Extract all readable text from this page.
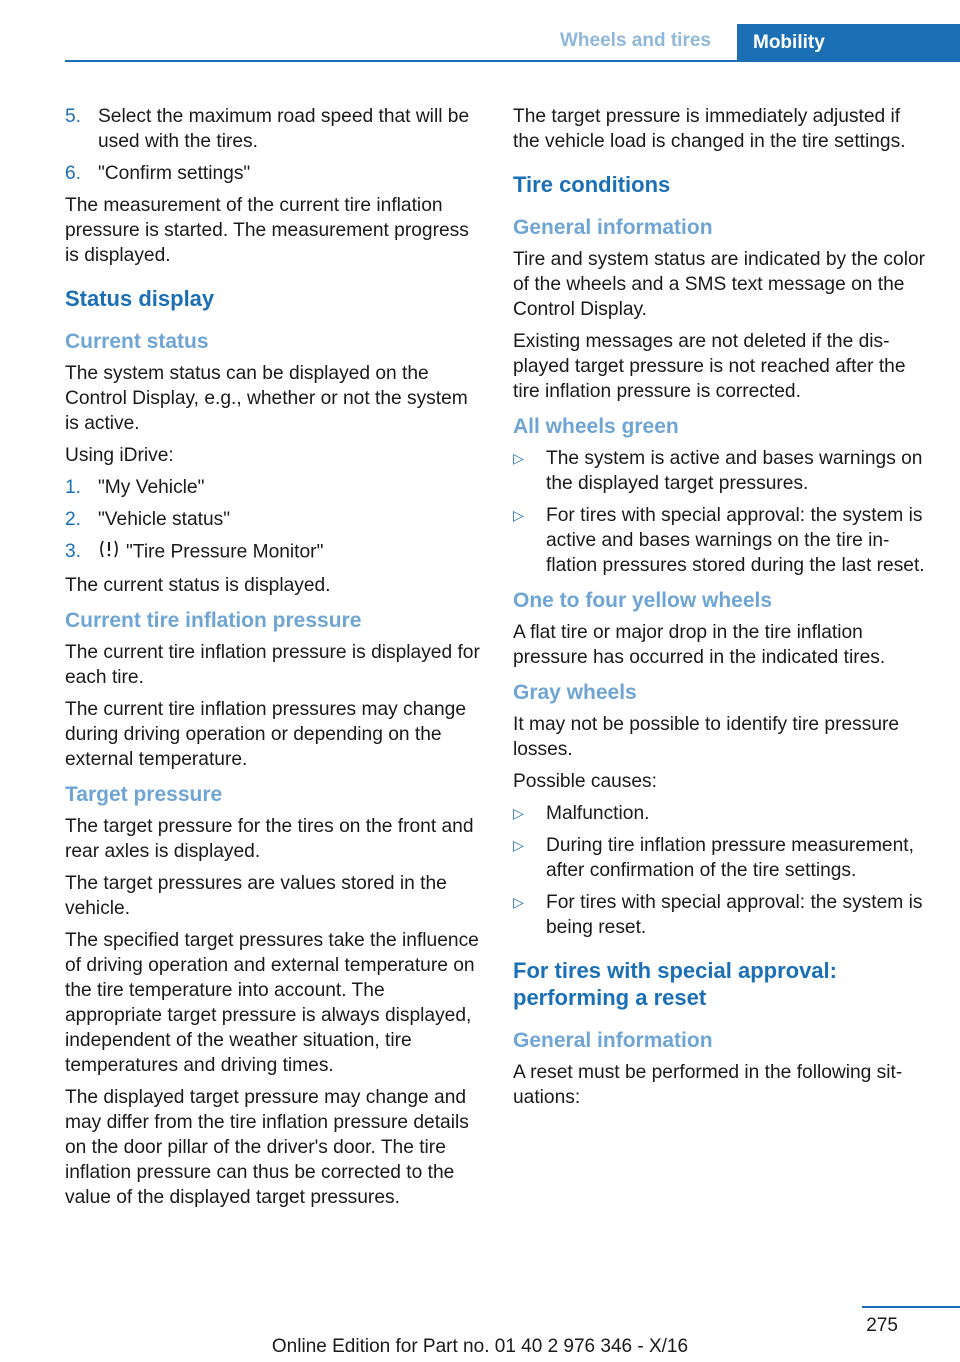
Wheels and tires	Mobility
5. Select the maximum road speed that will be used with the tires.
6. "Confirm settings"

The measurement of the current tire inflation pressure is started. The measurement progress is displayed.

Status display
Current status

The system status can be displayed on the Control Display, e.g., whether or not the system is active.

Using iDrive:

1. "My Vehicle"
2. "Vehicle status"
3. "Tire Pressure Monitor"

The current status is displayed.

Current tire inflation pressure

The current tire inflation pressure is displayed for each tire.

The current tire inflation pressures may change during driving operation or depending on the external temperature.

Target pressure

The target pressure for the tires on the front and rear axles is displayed.

The target pressures are values stored in the vehicle.

The specified target pressures take the influence of driving operation and external temperature on the tire temperature into account. The appropriate target pressure is always displayed, independent of the weather situation, tire temperatures and driving times.

The displayed target pressure may change and may differ from the tire inflation pressure details on the door pillar of the driver's door. The tire inflation pressure can thus be corrected to the value of the displayed target pressures.

The target pressure is immediately adjusted if the vehicle load is changed in the tire settings.

Tire conditions
General information

Tire and system status are indicated by the color of the wheels and a SMS text message on the Control Display.

Existing messages are not deleted if the displayed target pressure is not reached after the tire inflation pressure is corrected.

All wheels green
▷ The system is active and bases warnings on the displayed target pressures.
▷ For tires with special approval: the system is active and bases warnings on the tire inflation pressures stored during the last reset.
One to four yellow wheels

A flat tire or major drop in the tire inflation pressure has occurred in the indicated tires.

Gray wheels

It may not be possible to identify tire pressure losses.

Possible causes:

▷ Malfunction.
▷ During tire inflation pressure measurement, after confirmation of the tire settings.
▷ For tires with special approval: the system is being reset.
For tires with special approval: performing a reset
General information

A reset must be performed in the following situations:

275
Online Edition for Part no. 01 40 2 976 346 - X/16
